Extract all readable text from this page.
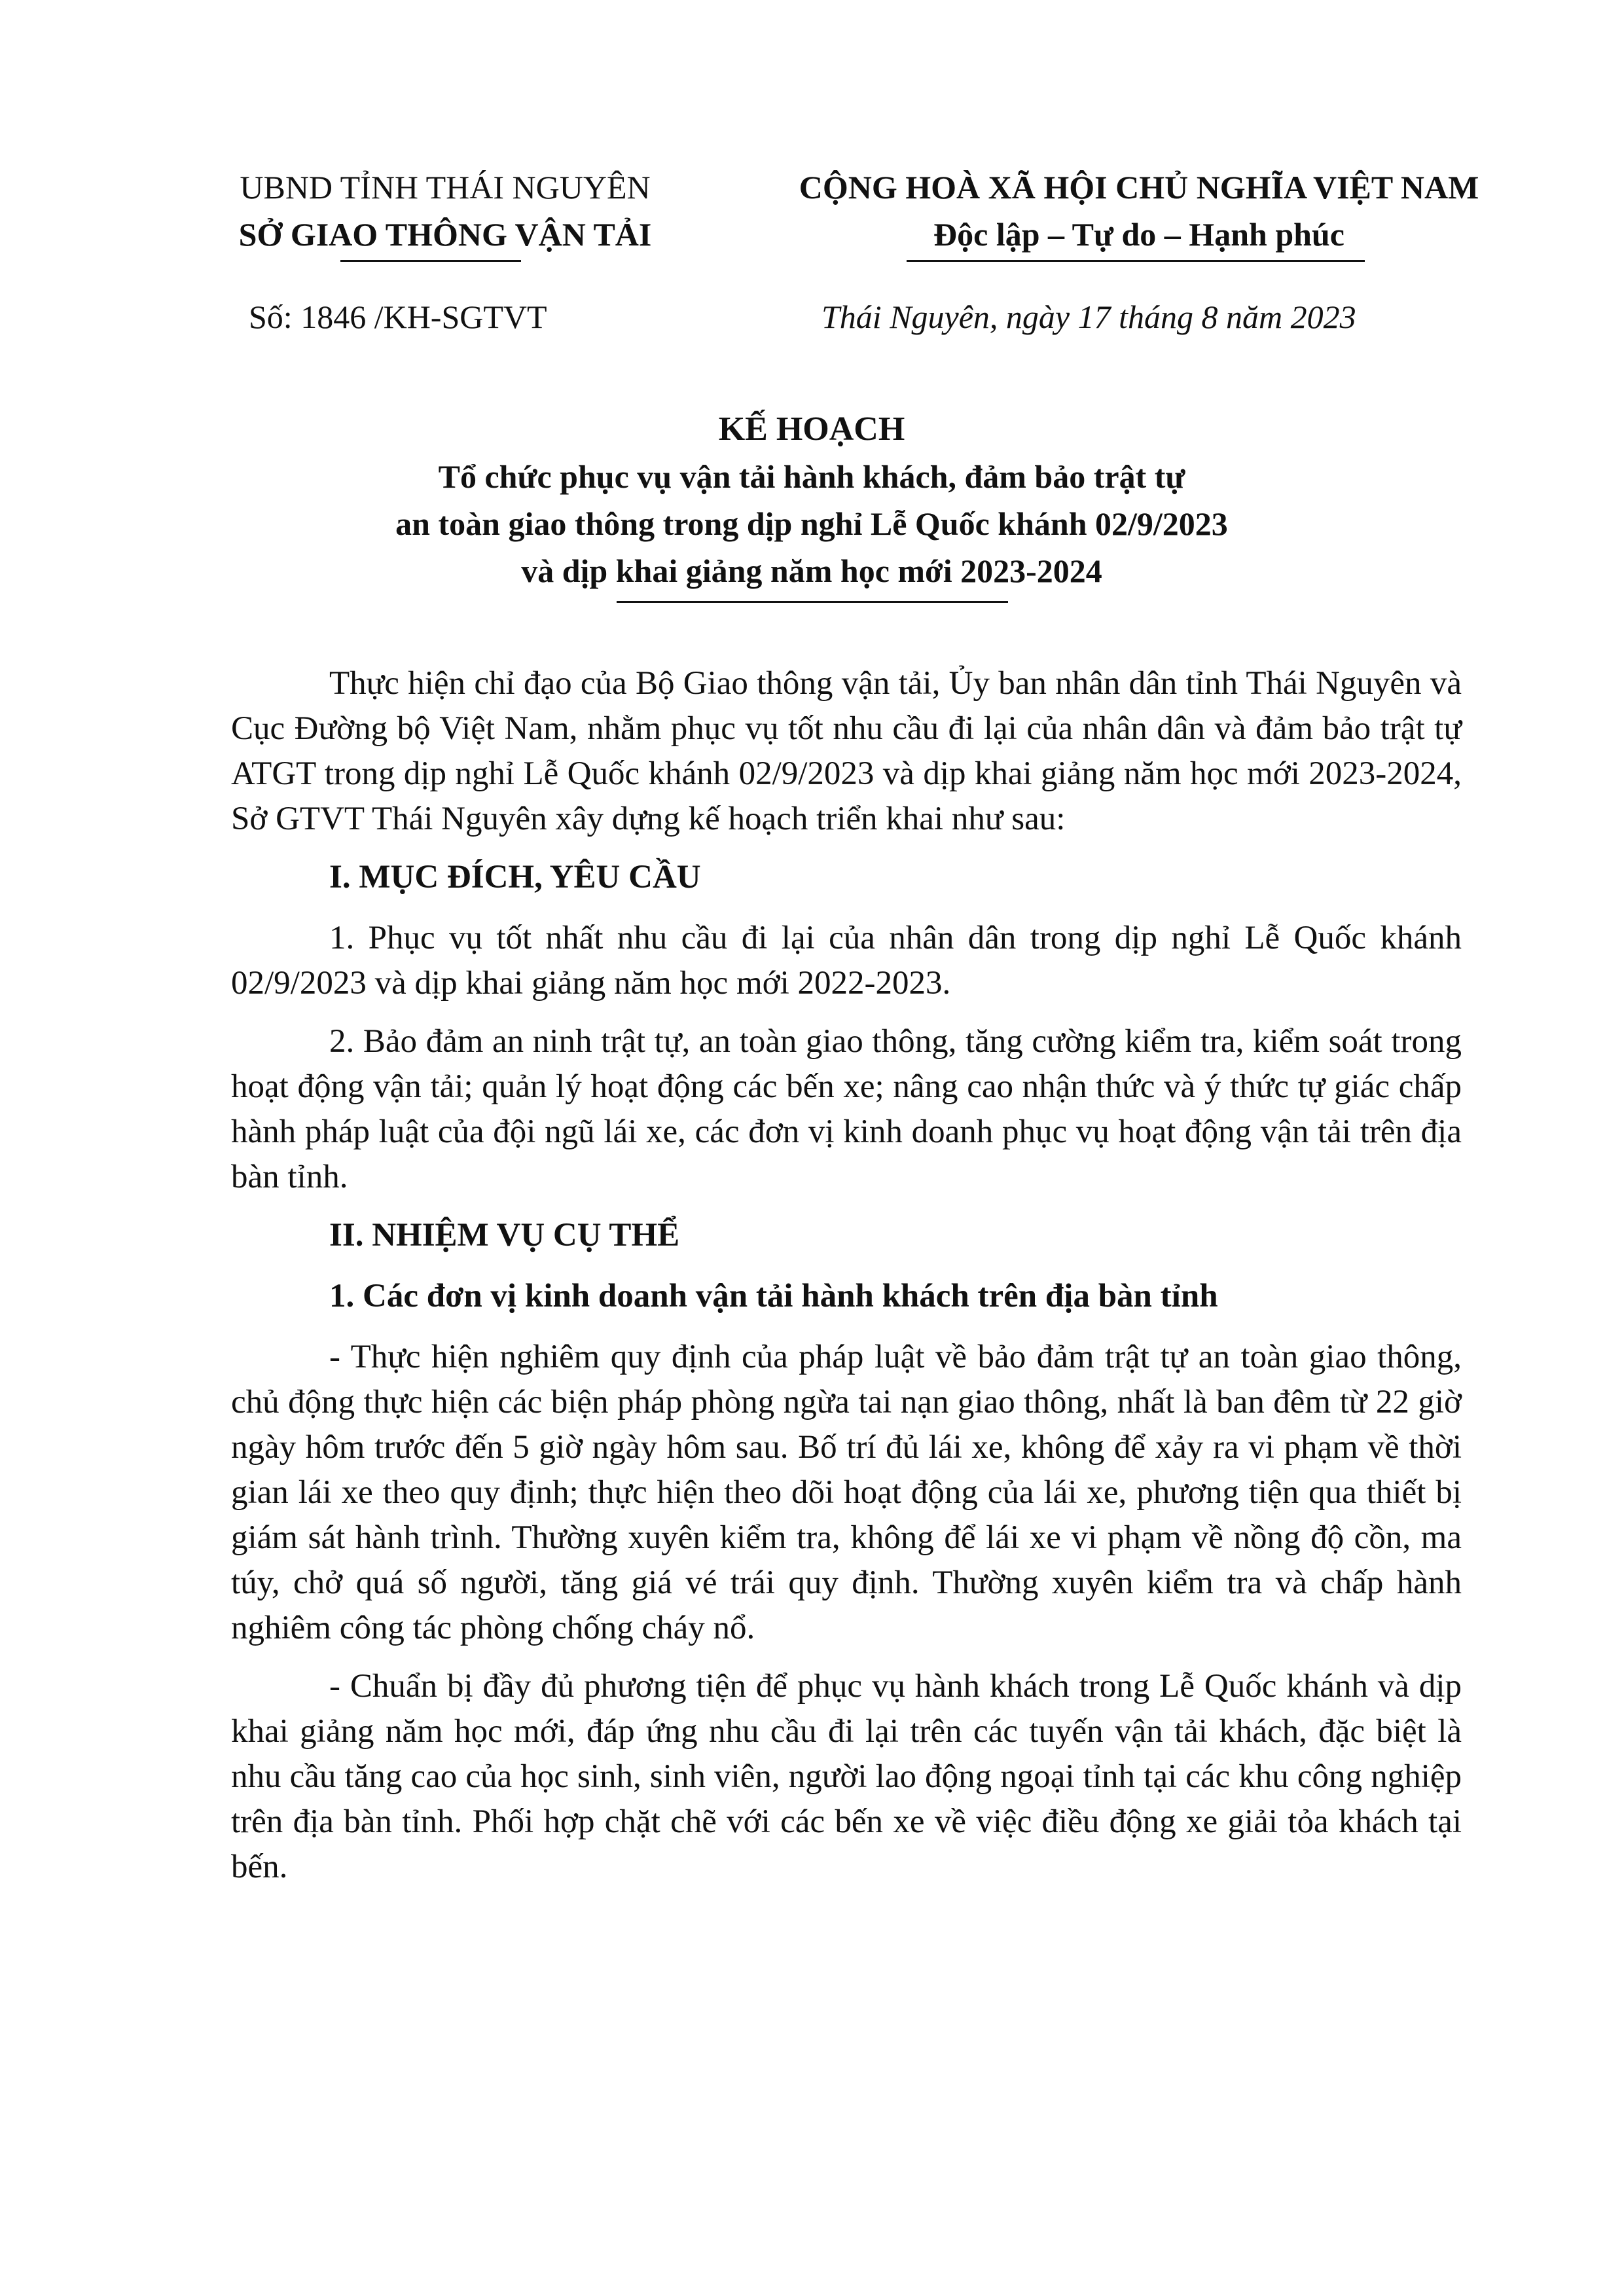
UBND TỈNH THÁI NGUYÊN
SỞ GIAO THÔNG VẬN TẢI
CỘNG HOÀ XÃ HỘI CHỦ NGHĨA VIỆT NAM
Độc lập – Tự do – Hạnh phúc
Số: 1846 /KH-SGTVT	Thái Nguyên, ngày 17 tháng 8 năm 2023
KẾ HOẠCH
Tổ chức phục vụ vận tải hành khách, đảm bảo trật tự
an toàn giao thông trong dịp nghỉ Lễ Quốc khánh 02/9/2023
và dịp khai giảng năm học mới 2023-2024

Thực hiện chỉ đạo của Bộ Giao thông vận tải, Ủy ban nhân dân tỉnh Thái Nguyên và Cục Đường bộ Việt Nam, nhằm phục vụ tốt nhu cầu đi lại của nhân dân và đảm bảo trật tự ATGT trong dịp nghỉ Lễ Quốc khánh 02/9/2023 và dịp khai giảng năm học mới 2023-2024, Sở GTVT Thái Nguyên xây dựng kế hoạch triển khai như sau:

I. MỤC ĐÍCH, YÊU CẦU

1. Phục vụ tốt nhất nhu cầu đi lại của nhân dân trong dịp nghỉ Lễ Quốc khánh 02/9/2023 và dịp khai giảng năm học mới 2022-2023.

2. Bảo đảm an ninh trật tự, an toàn giao thông, tăng cường kiểm tra, kiểm soát trong hoạt động vận tải; quản lý hoạt động các bến xe; nâng cao nhận thức và ý thức tự giác chấp hành pháp luật của đội ngũ lái xe, các đơn vị kinh doanh phục vụ hoạt động vận tải trên địa bàn tỉnh.

II. NHIỆM VỤ CỤ THỂ
1. Các đơn vị kinh doanh vận tải hành khách trên địa bàn tỉnh

- Thực hiện nghiêm quy định của pháp luật về bảo đảm trật tự an toàn giao thông, chủ động thực hiện các biện pháp phòng ngừa tai nạn giao thông, nhất là ban đêm từ 22 giờ ngày hôm trước đến 5 giờ ngày hôm sau. Bố trí đủ lái xe, không để xảy ra vi phạm về thời gian lái xe theo quy định; thực hiện theo dõi hoạt động của lái xe, phương tiện qua thiết bị giám sát hành trình. Thường xuyên kiểm tra, không để lái xe vi phạm về nồng độ cồn, ma túy, chở quá số người, tăng giá vé trái quy định. Thường xuyên kiểm tra và chấp hành nghiêm công tác phòng chống cháy nổ.

- Chuẩn bị đầy đủ phương tiện để phục vụ hành khách trong Lễ Quốc khánh và dịp khai giảng năm học mới, đáp ứng nhu cầu đi lại trên các tuyến vận tải khách, đặc biệt là nhu cầu tăng cao của học sinh, sinh viên, người lao động ngoại tỉnh tại các khu công nghiệp trên địa bàn tỉnh. Phối hợp chặt chẽ với các bến xe về việc điều động xe giải tỏa khách tại bến.
